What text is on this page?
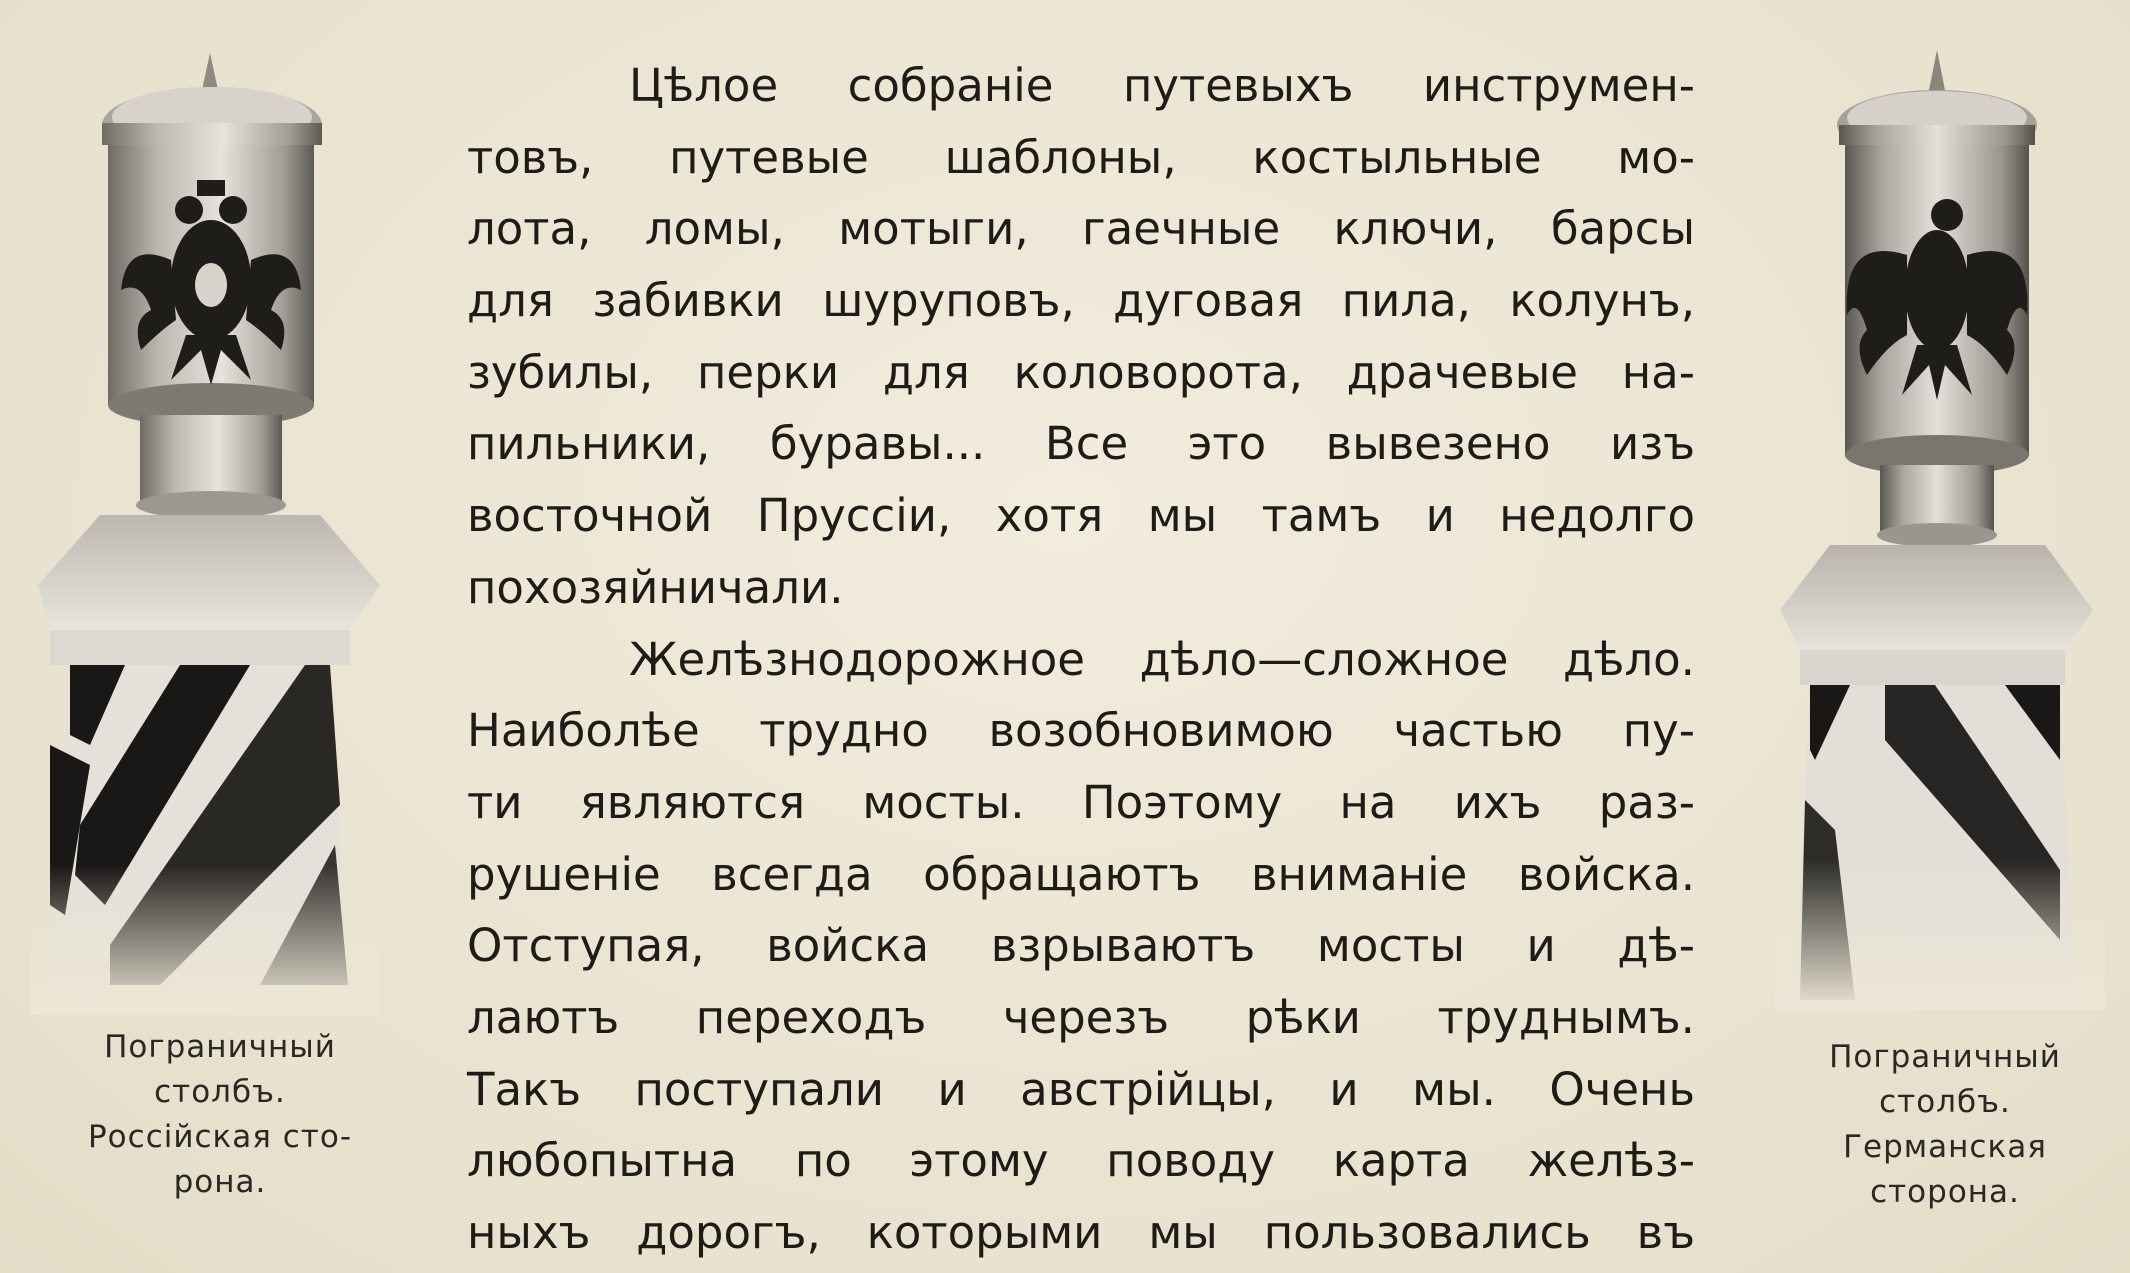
Пограничный
столбъ.
Россійская сто-
рона.
Пограничный
столбъ.
Германская
сторона.
Цѣлое собраніе путевыхъ инструмен-
товъ, путевые шаблоны, костыльные мо-
лота, ломы, мотыги, гаечные ключи, барсы
для забивки шуруповъ, дуговая пила, колунъ,
зубилы, перки для коловорота, драчевые на-
пильники, буравы... Все это вывезено изъ
восточной Пруссіи, хотя мы тамъ и недолго
похозяйничали.
Желѣзнодорожное дѣло—сложное дѣло.
Наиболѣе трудно возобновимою частью пу-
ти являются мосты. Поэтому на ихъ раз-
рушеніе всегда обращаютъ вниманіе войска.
Отступая, войска взрываютъ мосты и дѣ-
лаютъ переходъ черезъ рѣки труднымъ.
Такъ поступали и австрійцы, и мы. Очень
любопытна по этому поводу карта желѣз-
ныхъ дорогъ, которыми мы пользовались въ
